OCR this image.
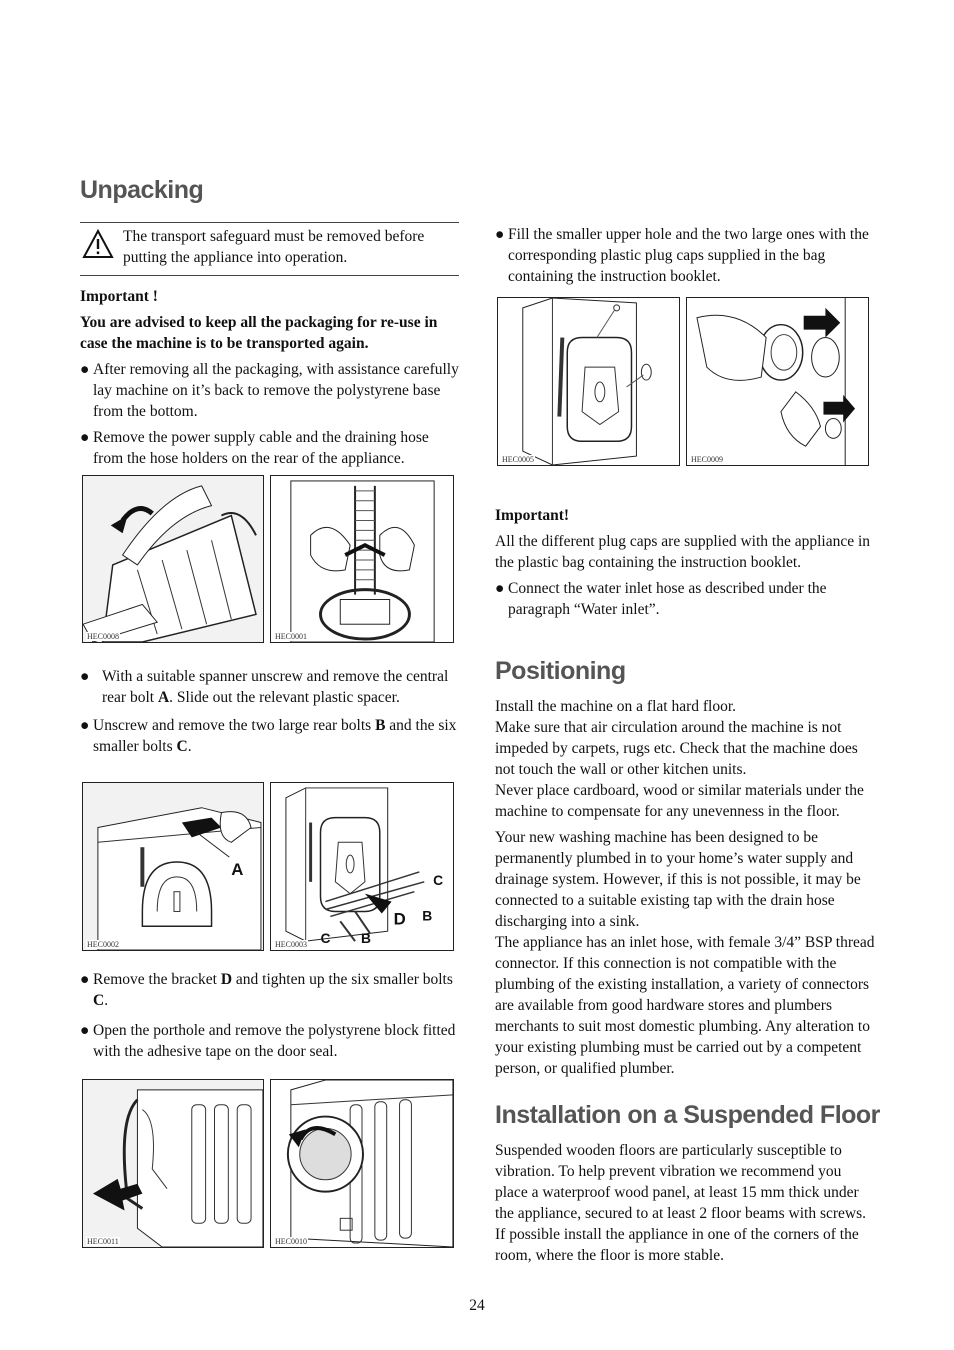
Unpacking

The transport safeguard must be removed before putting the appliance into operation.

Important !

You are advised to keep all the packaging for re-use in case the machine is to be transported again.

● After removing all the packaging, with assistance carefully lay machine on it’s back to remove the polystyrene base from the bottom.
● Remove the power supply cable and the draining hose from the hose holders on the rear of the appliance.
HEC0008	HEC0001
● With a suitable spanner unscrew and remove the central rear bolt A. Slide out the relevant plastic spacer.
● Unscrew and remove the two large rear bolts B and the six smaller bolts C.
A
HEC0002
C
D B
C B
HEC0003
● Remove the bracket D and tighten up the six smaller bolts C.
● Open the porthole and remove the polystyrene block fitted with the adhesive tape on the door seal.
HEC0011	HEC0010
● Fill the smaller upper hole and the two large ones with the corresponding plastic plug caps supplied in the bag containing the instruction booklet.
HEC0005	HEC0009

Important!

All the different plug caps are supplied with the appliance in the plastic bag containing the instruction booklet.

● Connect the water inlet hose as described under the paragraph “Water inlet”.
Positioning

Install the machine on a flat hard floor.

Make sure that air circulation around the machine is not impeded by carpets, rugs etc. Check that the machine does not touch the wall or other kitchen units.

Never place cardboard, wood or similar materials under the machine to compensate for any unevenness in the floor.

Your new washing machine has been designed to be permanently plumbed in to your home’s water supply and drainage system. However, if this is not possible, it may be connected to a suitable existing tap with the drain hose discharging into a sink.

The appliance has an inlet hose, with female 3/4” BSP thread connector. If this connection is not compatible with the plumbing of the existing installation, a variety of connectors are available from good hardware stores and plumbers merchants to suit most domestic plumbing. Any alteration to your existing plumbing must be carried out by a competent person, or qualified plumber.

Installation on a Suspended Floor

Suspended wooden floors are particularly susceptible to vibration. To help prevent vibration we recommend you place a waterproof wood panel, at least 15 mm thick under the appliance, secured to at least 2 floor beams with screws. If possible install the appliance in one of the corners of the room, where the floor is more stable.

24
